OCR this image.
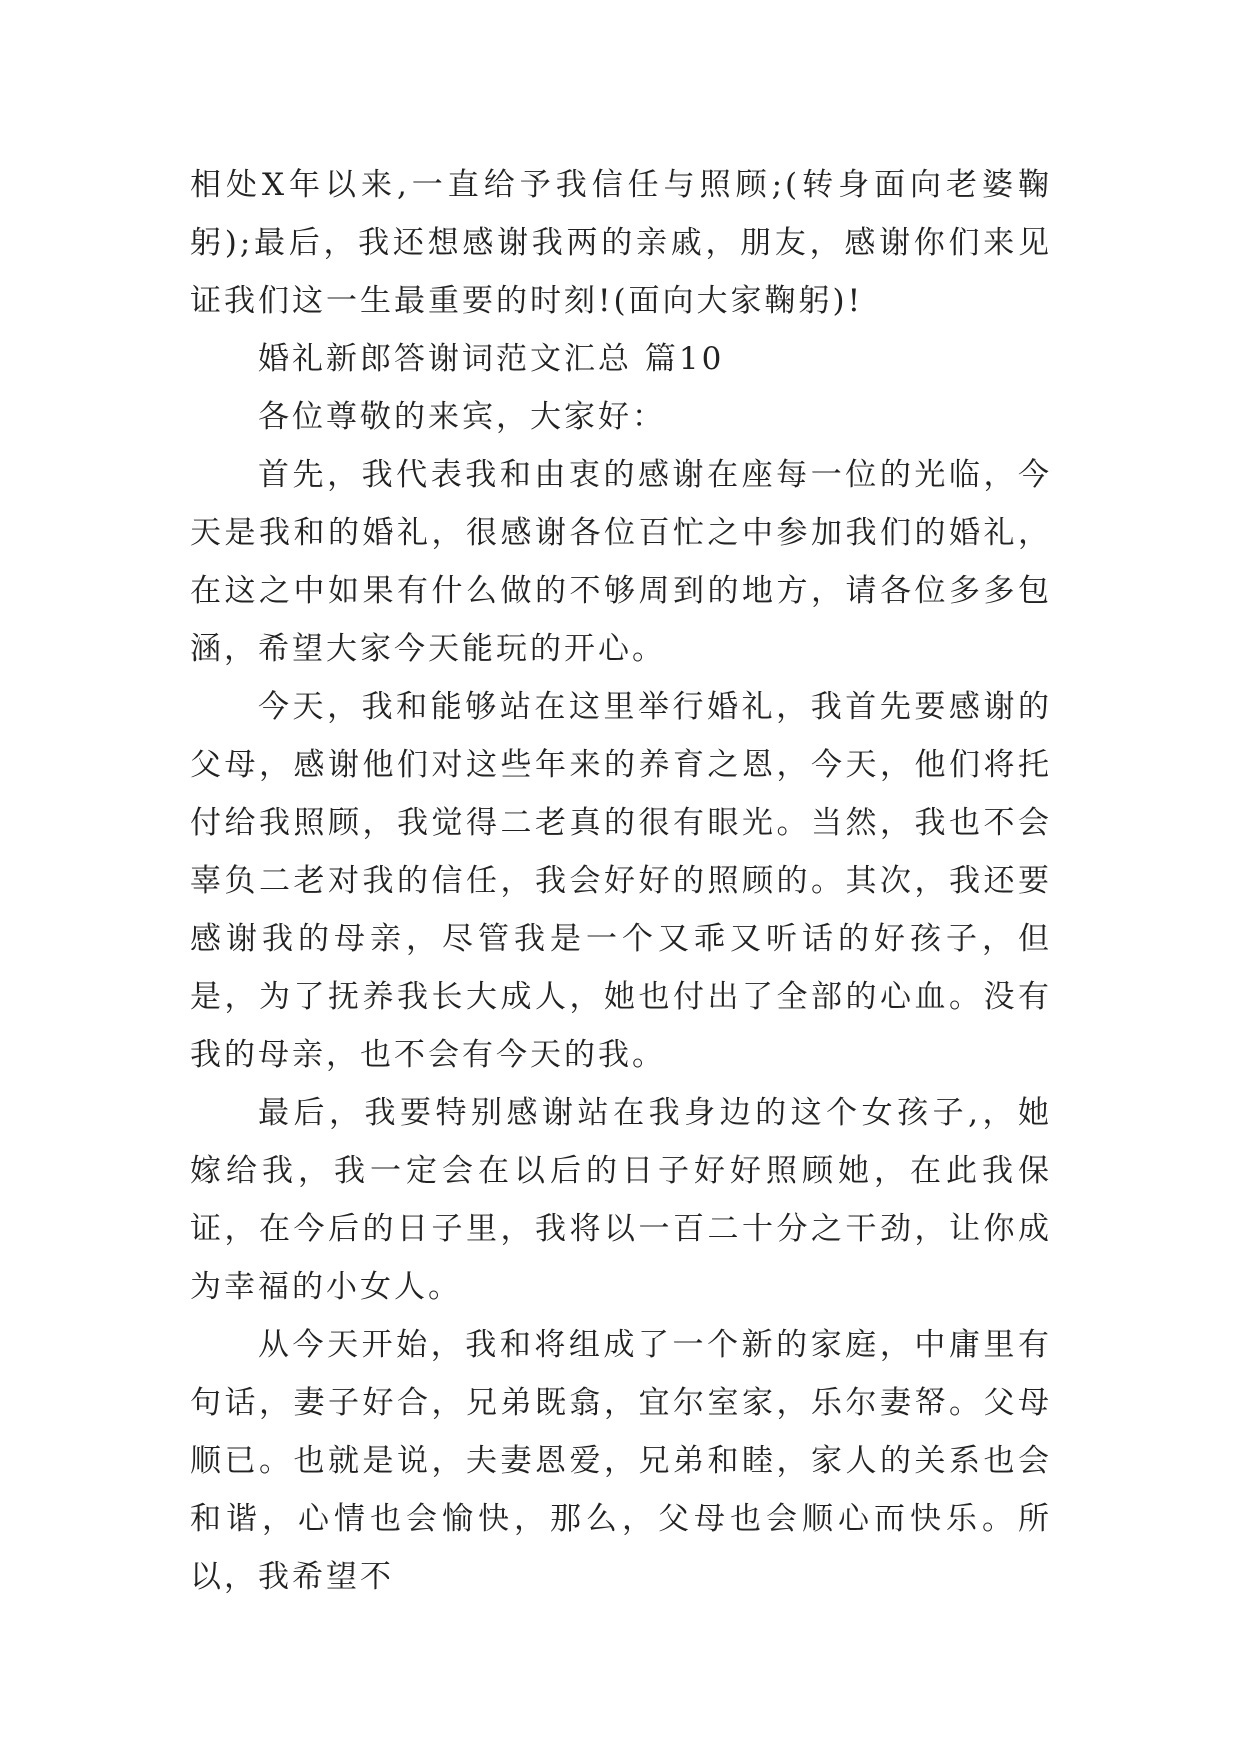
相处X年以来,一直给予我信任与照顾;(转身面向老婆鞠躬);最后，我还想感谢我两的亲戚，朋友，感谢你们来见证我们这一生最重要的时刻!(面向大家鞠躬)!

婚礼新郎答谢词范文汇总 篇10

各位尊敬的来宾，大家好：

首先，我代表我和由衷的感谢在座每一位的光临，今天是我和的婚礼，很感谢各位百忙之中参加我们的婚礼，在这之中如果有什么做的不够周到的地方，请各位多多包涵，希望大家今天能玩的开心。

今天，我和能够站在这里举行婚礼，我首先要感谢的父母，感谢他们对这些年来的养育之恩，今天，他们将托付给我照顾，我觉得二老真的很有眼光。当然，我也不会辜负二老对我的信任，我会好好的照顾的。其次，我还要感谢我的母亲，尽管我是一个又乖又听话的好孩子，但是，为了抚养我长大成人，她也付出了全部的心血。没有我的母亲，也不会有今天的我。

最后，我要特别感谢站在我身边的这个女孩子,，她嫁给我，我一定会在以后的日子好好照顾她，在此我保证，在今后的日子里，我将以一百二十分之干劲，让你成为幸福的小女人。

从今天开始，我和将组成了一个新的家庭，中庸里有句话，妻子好合，兄弟既翕，宜尔室家，乐尔妻帑。父母顺已。也就是说，夫妻恩爱，兄弟和睦，家人的关系也会和谐，心情也会愉快，那么，父母也会顺心而快乐。所以，我希望不
